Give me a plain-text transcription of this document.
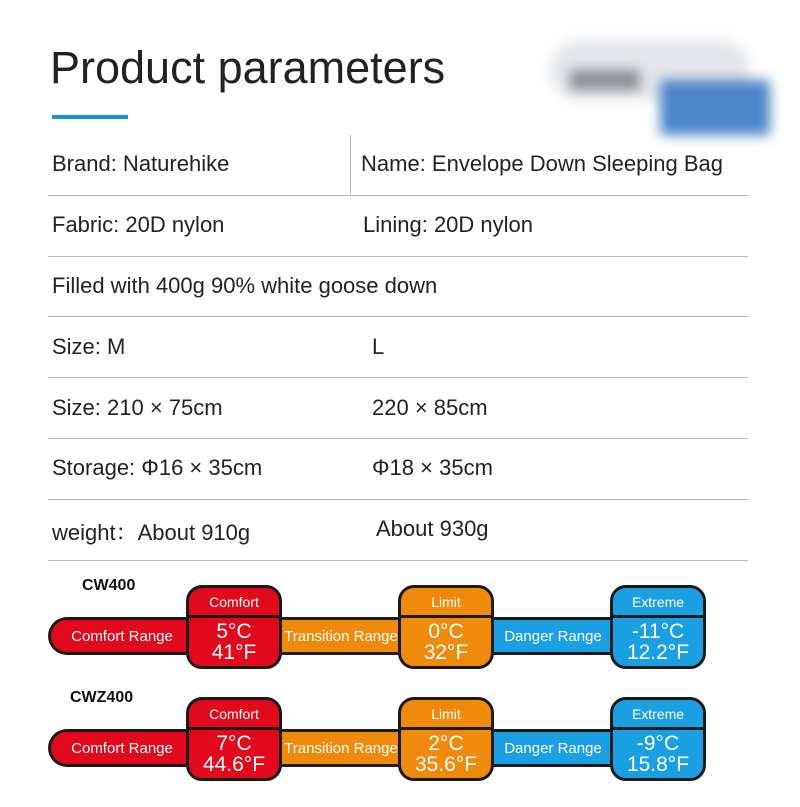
Product parameters
Brand: Naturehike	Name: Envelope Down Sleeping Bag
Fabric: 20D nylon	Lining: 20D nylon
Filled with 400g 90% white goose down
Size: M	L
Size: 210 × 75cm	220 × 85cm
Storage: Φ16 × 35cm	Φ18 × 35cm
weight：About 910g	About 930g
CW400
Comfort Range	Transition Range	Danger Range
Comfort
5°C
41°F
Limit
0°C
32°F
Extreme
-11°C
12.2°F
CWZ400
Comfort Range	Transition Range	Danger Range
Comfort
7°C
44.6°F
Limit
2°C
35.6°F
Extreme
-9°C
15.8°F
